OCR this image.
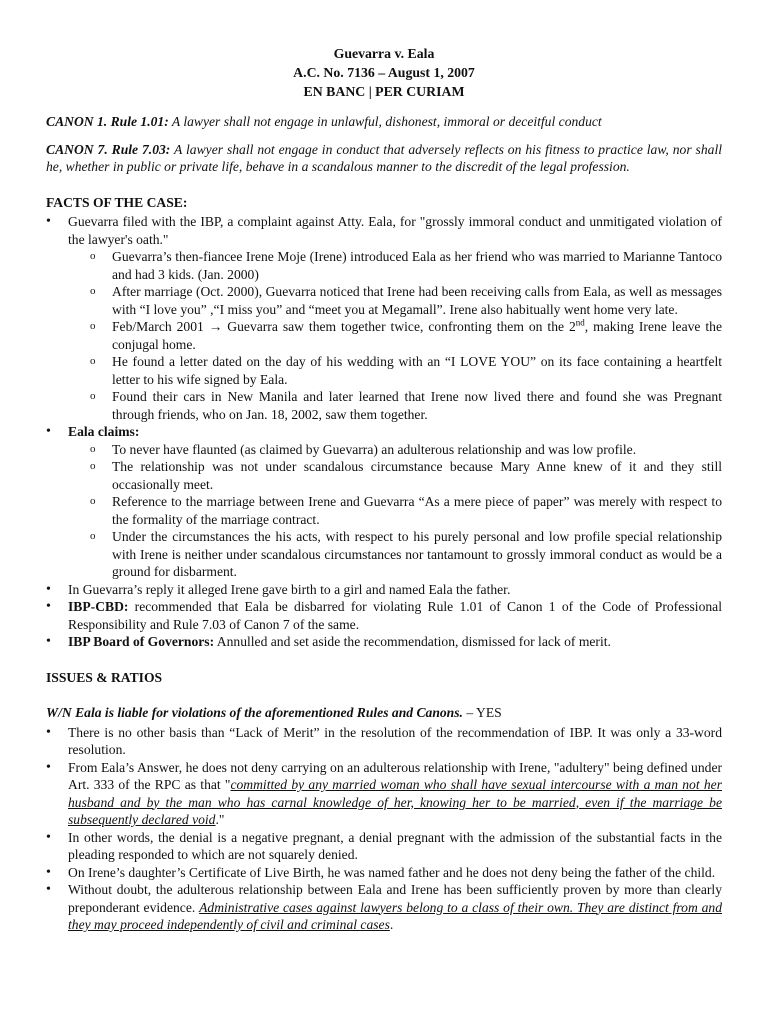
Guevarra v. Eala
A.C. No. 7136 – August 1, 2007
EN BANC | PER CURIAM

CANON 1. Rule 1.01: A lawyer shall not engage in unlawful, dishonest, immoral or deceitful conduct

CANON 7. Rule 7.03: A lawyer shall not engage in conduct that adversely reflects on his fitness to practice law, nor shall he, whether in public or private life, behave in a scandalous manner to the discredit of the legal profession.

FACTS OF THE CASE:
• Guevarra filed with the IBP, a complaint against Atty. Eala, for "grossly immoral conduct and unmitigated violation of the lawyer's oath."
o Guevarra’s then-fiancee Irene Moje (Irene) introduced Eala as her friend who was married to Marianne Tantoco and had 3 kids. (Jan. 2000)
o After marriage (Oct. 2000), Guevarra noticed that Irene had been receiving calls from Eala, as well as messages with “I love you” ,“I miss you” and “meet you at Megamall”. Irene also habitually went home very late.
o Feb/March 2001 → Guevarra saw them together twice, confronting them on the 2nd, making Irene leave the conjugal home.
o He found a letter dated on the day of his wedding with an “I LOVE YOU” on its face containing a heartfelt letter to his wife signed by Eala.
o Found their cars in New Manila and later learned that Irene now lived there and found she was Pregnant through friends, who on Jan. 18, 2002, saw them together.
• Eala claims:
o To never have flaunted (as claimed by Guevarra) an adulterous relationship and was low profile.
o The relationship was not under scandalous circumstance because Mary Anne knew of it and they still occasionally meet.
o Reference to the marriage between Irene and Guevarra “As a mere piece of paper” was merely with respect to the formality of the marriage contract.
o Under the circumstances the his acts, with respect to his purely personal and low profile special relationship with Irene is neither under scandalous circumstances nor tantamount to grossly immoral conduct as would be a ground for disbarment.
• In Guevarra’s reply it alleged Irene gave birth to a girl and named Eala the father.
• IBP-CBD: recommended that Eala be disbarred for violating Rule 1.01 of Canon 1 of the Code of Professional Responsibility and Rule 7.03 of Canon 7 of the same.
• IBP Board of Governors: Annulled and set aside the recommendation, dismissed for lack of merit.
ISSUES & RATIOS
W/N Eala is liable for violations of the aforementioned Rules and Canons. – YES
• There is no other basis than “Lack of Merit” in the resolution of the recommendation of IBP. It was only a 33-word resolution.
• From Eala’s Answer, he does not deny carrying on an adulterous relationship with Irene, "adultery" being defined under Art. 333 of the RPC as that "committed by any married woman who shall have sexual intercourse with a man not her husband and by the man who has carnal knowledge of her, knowing her to be married, even if the marriage be subsequently declared void."
• In other words, the denial is a negative pregnant, a denial pregnant with the admission of the substantial facts in the pleading responded to which are not squarely denied.
• On Irene’s daughter’s Certificate of Live Birth, he was named father and he does not deny being the father of the child.
• Without doubt, the adulterous relationship between Eala and Irene has been sufficiently proven by more than clearly preponderant evidence. Administrative cases against lawyers belong to a class of their own. They are distinct from and they may proceed independently of civil and criminal cases.
